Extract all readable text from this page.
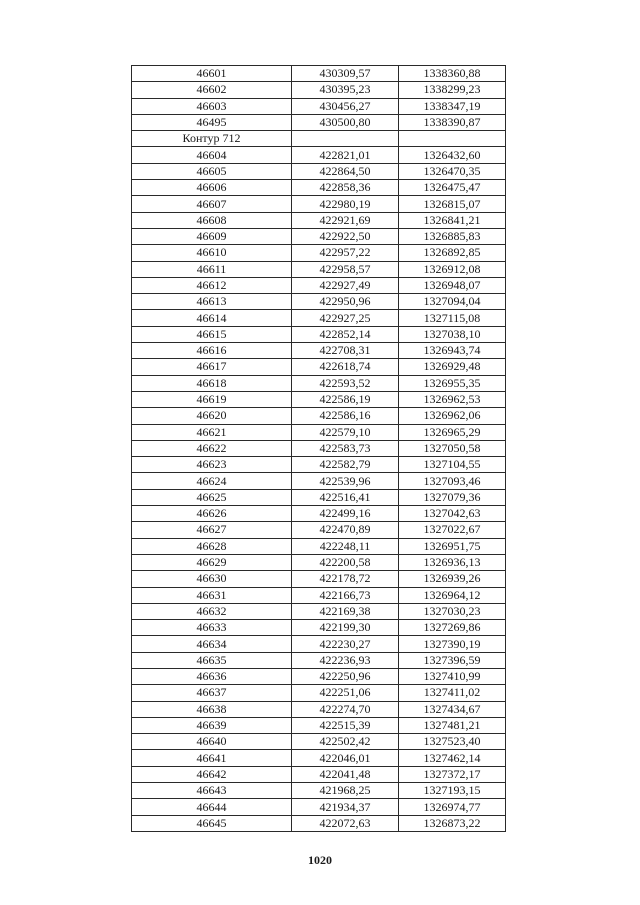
46601	430309,57	1338360,88
46602	430395,23	1338299,23
46603	430456,27	1338347,19
46495	430500,80	1338390,87
Контур 712		
46604	422821,01	1326432,60
46605	422864,50	1326470,35
46606	422858,36	1326475,47
46607	422980,19	1326815,07
46608	422921,69	1326841,21
46609	422922,50	1326885,83
46610	422957,22	1326892,85
46611	422958,57	1326912,08
46612	422927,49	1326948,07
46613	422950,96	1327094,04
46614	422927,25	1327115,08
46615	422852,14	1327038,10
46616	422708,31	1326943,74
46617	422618,74	1326929,48
46618	422593,52	1326955,35
46619	422586,19	1326962,53
46620	422586,16	1326962,06
46621	422579,10	1326965,29
46622	422583,73	1327050,58
46623	422582,79	1327104,55
46624	422539,96	1327093,46
46625	422516,41	1327079,36
46626	422499,16	1327042,63
46627	422470,89	1327022,67
46628	422248,11	1326951,75
46629	422200,58	1326936,13
46630	422178,72	1326939,26
46631	422166,73	1326964,12
46632	422169,38	1327030,23
46633	422199,30	1327269,86
46634	422230,27	1327390,19
46635	422236,93	1327396,59
46636	422250,96	1327410,99
46637	422251,06	1327411,02
46638	422274,70	1327434,67
46639	422515,39	1327481,21
46640	422502,42	1327523,40
46641	422046,01	1327462,14
46642	422041,48	1327372,17
46643	421968,25	1327193,15
46644	421934,37	1326974,77
46645	422072,63	1326873,22
1020
